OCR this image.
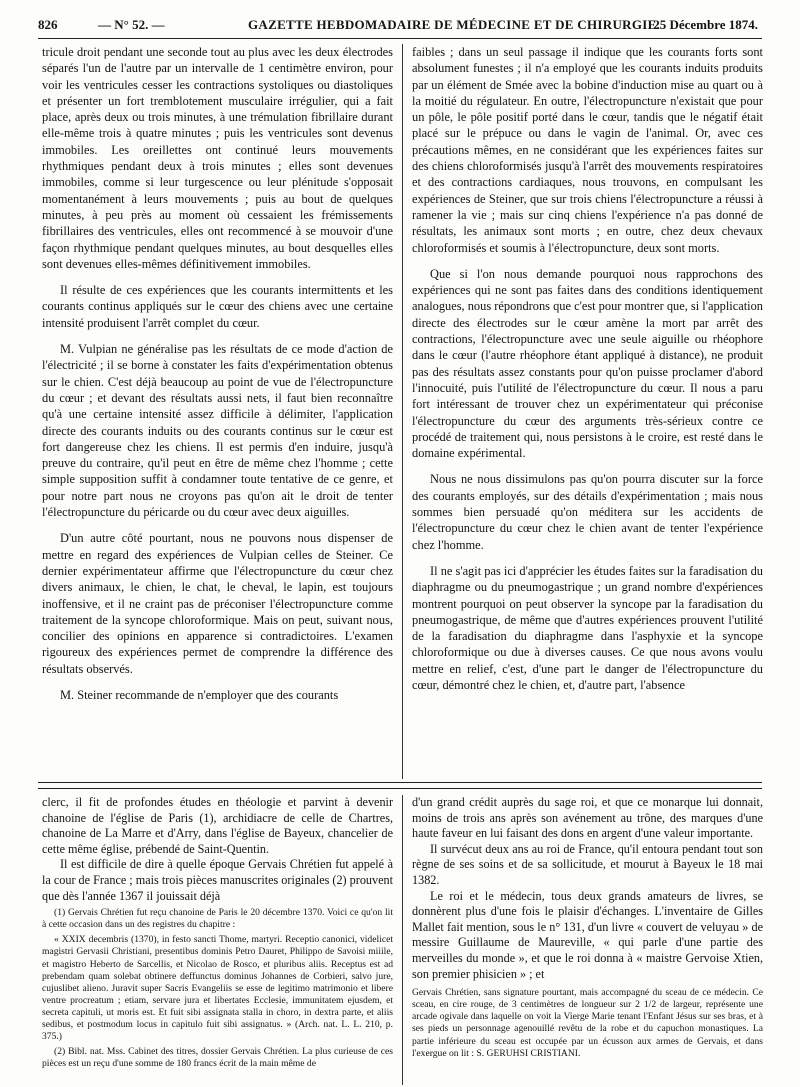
826	— N° 52. —	GAZETTE HEBDOMADAIRE DE MÉDECINE ET DE CHIRURGIE.
25 Décembre 1874.

tricule droit pendant une seconde tout au plus avec les deux électrodes séparés l'un de l'autre par un intervalle de 1 centimètre environ, pour voir les ventricules cesser les contractions systoliques ou diastoliques et présenter un fort tremblotement musculaire irrégulier, qui a fait place, après deux ou trois minutes, à une trémulation fibrillaire durant elle-même trois à quatre minutes ; puis les ventricules sont devenus immobiles. Les oreillettes ont continué leurs mouvements rhythmiques pendant deux à trois minutes ; elles sont devenues immobiles, comme si leur turgescence ou leur plénitude s'opposait momentanément à leurs mouvements ; puis au bout de quelques minutes, à peu près au moment où cessaient les frémissements fibrillaires des ventricules, elles ont recommencé à se mouvoir d'une façon rhythmique pendant quelques minutes, au bout desquelles elles sont devenues elles-mêmes définitivement immobiles.

Il résulte de ces expériences que les courants intermittents et les courants continus appliqués sur le cœur des chiens avec une certaine intensité produisent l'arrêt complet du cœur.

M. Vulpian ne généralise pas les résultats de ce mode d'action de l'électricité ; il se borne à constater les faits d'expérimentation obtenus sur le chien. C'est déjà beaucoup au point de vue de l'électropuncture du cœur ; et devant des résultats aussi nets, il faut bien reconnaître qu'à une certaine intensité assez difficile à délimiter, l'application directe des courants induits ou des courants continus sur le cœur est fort dangereuse chez les chiens. Il est permis d'en induire, jusqu'à preuve du contraire, qu'il peut en être de même chez l'homme ; cette simple supposition suffit à condamner toute tentative de ce genre, et pour notre part nous ne croyons pas qu'on ait le droit de tenter l'électropuncture du péricarde ou du cœur avec deux aiguilles.

D'un autre côté pourtant, nous ne pouvons nous dispenser de mettre en regard des expériences de Vulpian celles de Steiner. Ce dernier expérimentateur affirme que l'électropuncture du cœur chez divers animaux, le chien, le chat, le cheval, le lapin, est toujours inoffensive, et il ne craint pas de préconiser l'électropuncture comme traitement de la syncope chloroformique. Mais on peut, suivant nous, concilier des opinions en apparence si contradictoires. L'examen rigoureux des expériences permet de comprendre la différence des résultats observés.

M. Steiner recommande de n'employer que des courants

faibles ; dans un seul passage il indique que les courants forts sont absolument funestes ; il n'a employé que les courants induits produits par un élément de Smée avec la bobine d'induction mise au quart ou à la moitié du régulateur. En outre, l'électropuncture n'existait que pour un pôle, le pôle positif porté dans le cœur, tandis que le négatif était placé sur le prépuce ou dans le vagin de l'animal. Or, avec ces précautions mêmes, en ne considérant que les expériences faites sur des chiens chloroformisés jusqu'à l'arrêt des mouvements respiratoires et des contractions cardiaques, nous trouvons, en compulsant les expériences de Steiner, que sur trois chiens l'électropuncture a réussi à ramener la vie ; mais sur cinq chiens l'expérience n'a pas donné de résultats, les animaux sont morts ; en outre, chez deux chevaux chloroformisés et soumis à l'électropuncture, deux sont morts.

Que si l'on nous demande pourquoi nous rapprochons des expériences qui ne sont pas faites dans des conditions identiquement analogues, nous répondrons que c'est pour montrer que, si l'application directe des électrodes sur le cœur amène la mort par arrêt des contractions, l'électropuncture avec une seule aiguille ou rhéophore dans le cœur (l'autre rhéophore étant appliqué à distance), ne produit pas des résultats assez constants pour qu'on puisse proclamer d'abord l'innocuité, puis l'utilité de l'électropuncture du cœur. Il nous a paru fort intéressant de trouver chez un expérimentateur qui préconise l'électropuncture du cœur des arguments très-sérieux contre ce procédé de traitement qui, nous persistons à le croire, est resté dans le domaine expérimental.

Nous ne nous dissimulons pas qu'on pourra discuter sur la force des courants employés, sur des détails d'expérimentation ; mais nous sommes bien persuadé qu'on méditera sur les accidents de l'électropuncture du cœur chez le chien avant de tenter l'expérience chez l'homme.

Il ne s'agit pas ici d'apprécier les études faites sur la faradisation du diaphragme ou du pneumogastrique ; un grand nombre d'expériences montrent pourquoi on peut observer la syncope par la faradisation du pneumogastrique, de même que d'autres expériences prouvent l'utilité de la faradisation du diaphragme dans l'asphyxie et la syncope chloroformique ou due à diverses causes. Ce que nous avons voulu mettre en relief, c'est, d'une part le danger de l'électropuncture du cœur, démontré chez le chien, et, d'autre part, l'absence

clerc, il fit de profondes études en théologie et parvint à devenir chanoine de l'église de Paris (1), archidiacre de celle de Chartres, chanoine de La Marre et d'Arry, dans l'église de Bayeux, chancelier de cette même église, prébendé de Saint-Quentin.

Il est difficile de dire à quelle époque Gervais Chrétien fut appelé à la cour de France ; mais trois pièces manuscrites originales (2) prouvent que dès l'année 1367 il jouissait déjà

(1) Gervais Chrétien fut reçu chanoine de Paris le 20 décembre 1370. Voici ce qu'on lit à cette occasion dans un des registres du chapitre :
« XXIX decembris (1370), in festo sancti Thome, martyri. Receptio canonici, videlicet magistri Gervasii Christiani, presentibus dominis Petro Dauret, Philippo de Savoisi miiile, et magistro Heberto de Sarcellis, et Nicolao de Rosco, et pluribus aliis. Receptus est ad prebendam quam solebat obtinere deffunctus dominus Johannes de Corbieri, salvo jure, cujuslibet alieno. Juravit super Sacris Evangeliis se esse de legitimo matrimonio et libere ventre procreatum ; etiam, servare jura et libertates Ecclesie, immunitatem ejusdem, et secreta capituli, ut moris est. Et fuit sibi assignata stalla in choro, in dextra parte, et aliis sedibus, et postmodum locus in capitulo fuit sibi assignatus. » (Arch. nat. L. L. 210, p. 375.)
(2) Bibl. nat. Mss. Cabinet des titres, dossier Gervais Chrétien. La plus curieuse de ces pièces est un reçu d'une somme de 180 francs écrit de la main même de

d'un grand crédit auprès du sage roi, et que ce monarque lui donnait, moins de trois ans après son avénement au trône, des marques d'une haute faveur en lui faisant des dons en argent d'une valeur importante.

Il survécut deux ans au roi de France, qu'il entoura pendant tout son règne de ses soins et de sa sollicitude, et mourut à Bayeux le 18 mai 1382.

Le roi et le médecin, tous deux grands amateurs de livres, se donnèrent plus d'une fois le plaisir d'échanges. L'inventaire de Gilles Mallet fait mention, sous le n° 131, d'un livre « couvert de veluyau » de messire Guillaume de Maureville, « qui parle d'une partie des merveilles du monde », et que le roi donna à « maistre Gervoise Xtien, son premier phisicien » ; et

Gervais Chrétien, sans signature pourtant, mais accompagné du sceau de ce médecin. Ce sceau, en cire rouge, de 3 centimètres de longueur sur 2 1/2 de largeur, représente une arcade ogivale dans laquelle on voit la Vierge Marie tenant l'Enfant Jésus sur ses bras, et à ses pieds un personnage agenouillé revêtu de la robe et du capuchon monastiques. La partie inférieure du sceau est occupée par un écusson aux armes de Gervais, et dans l'exergue on lit : S. GERUHSI CRISTIANI.
